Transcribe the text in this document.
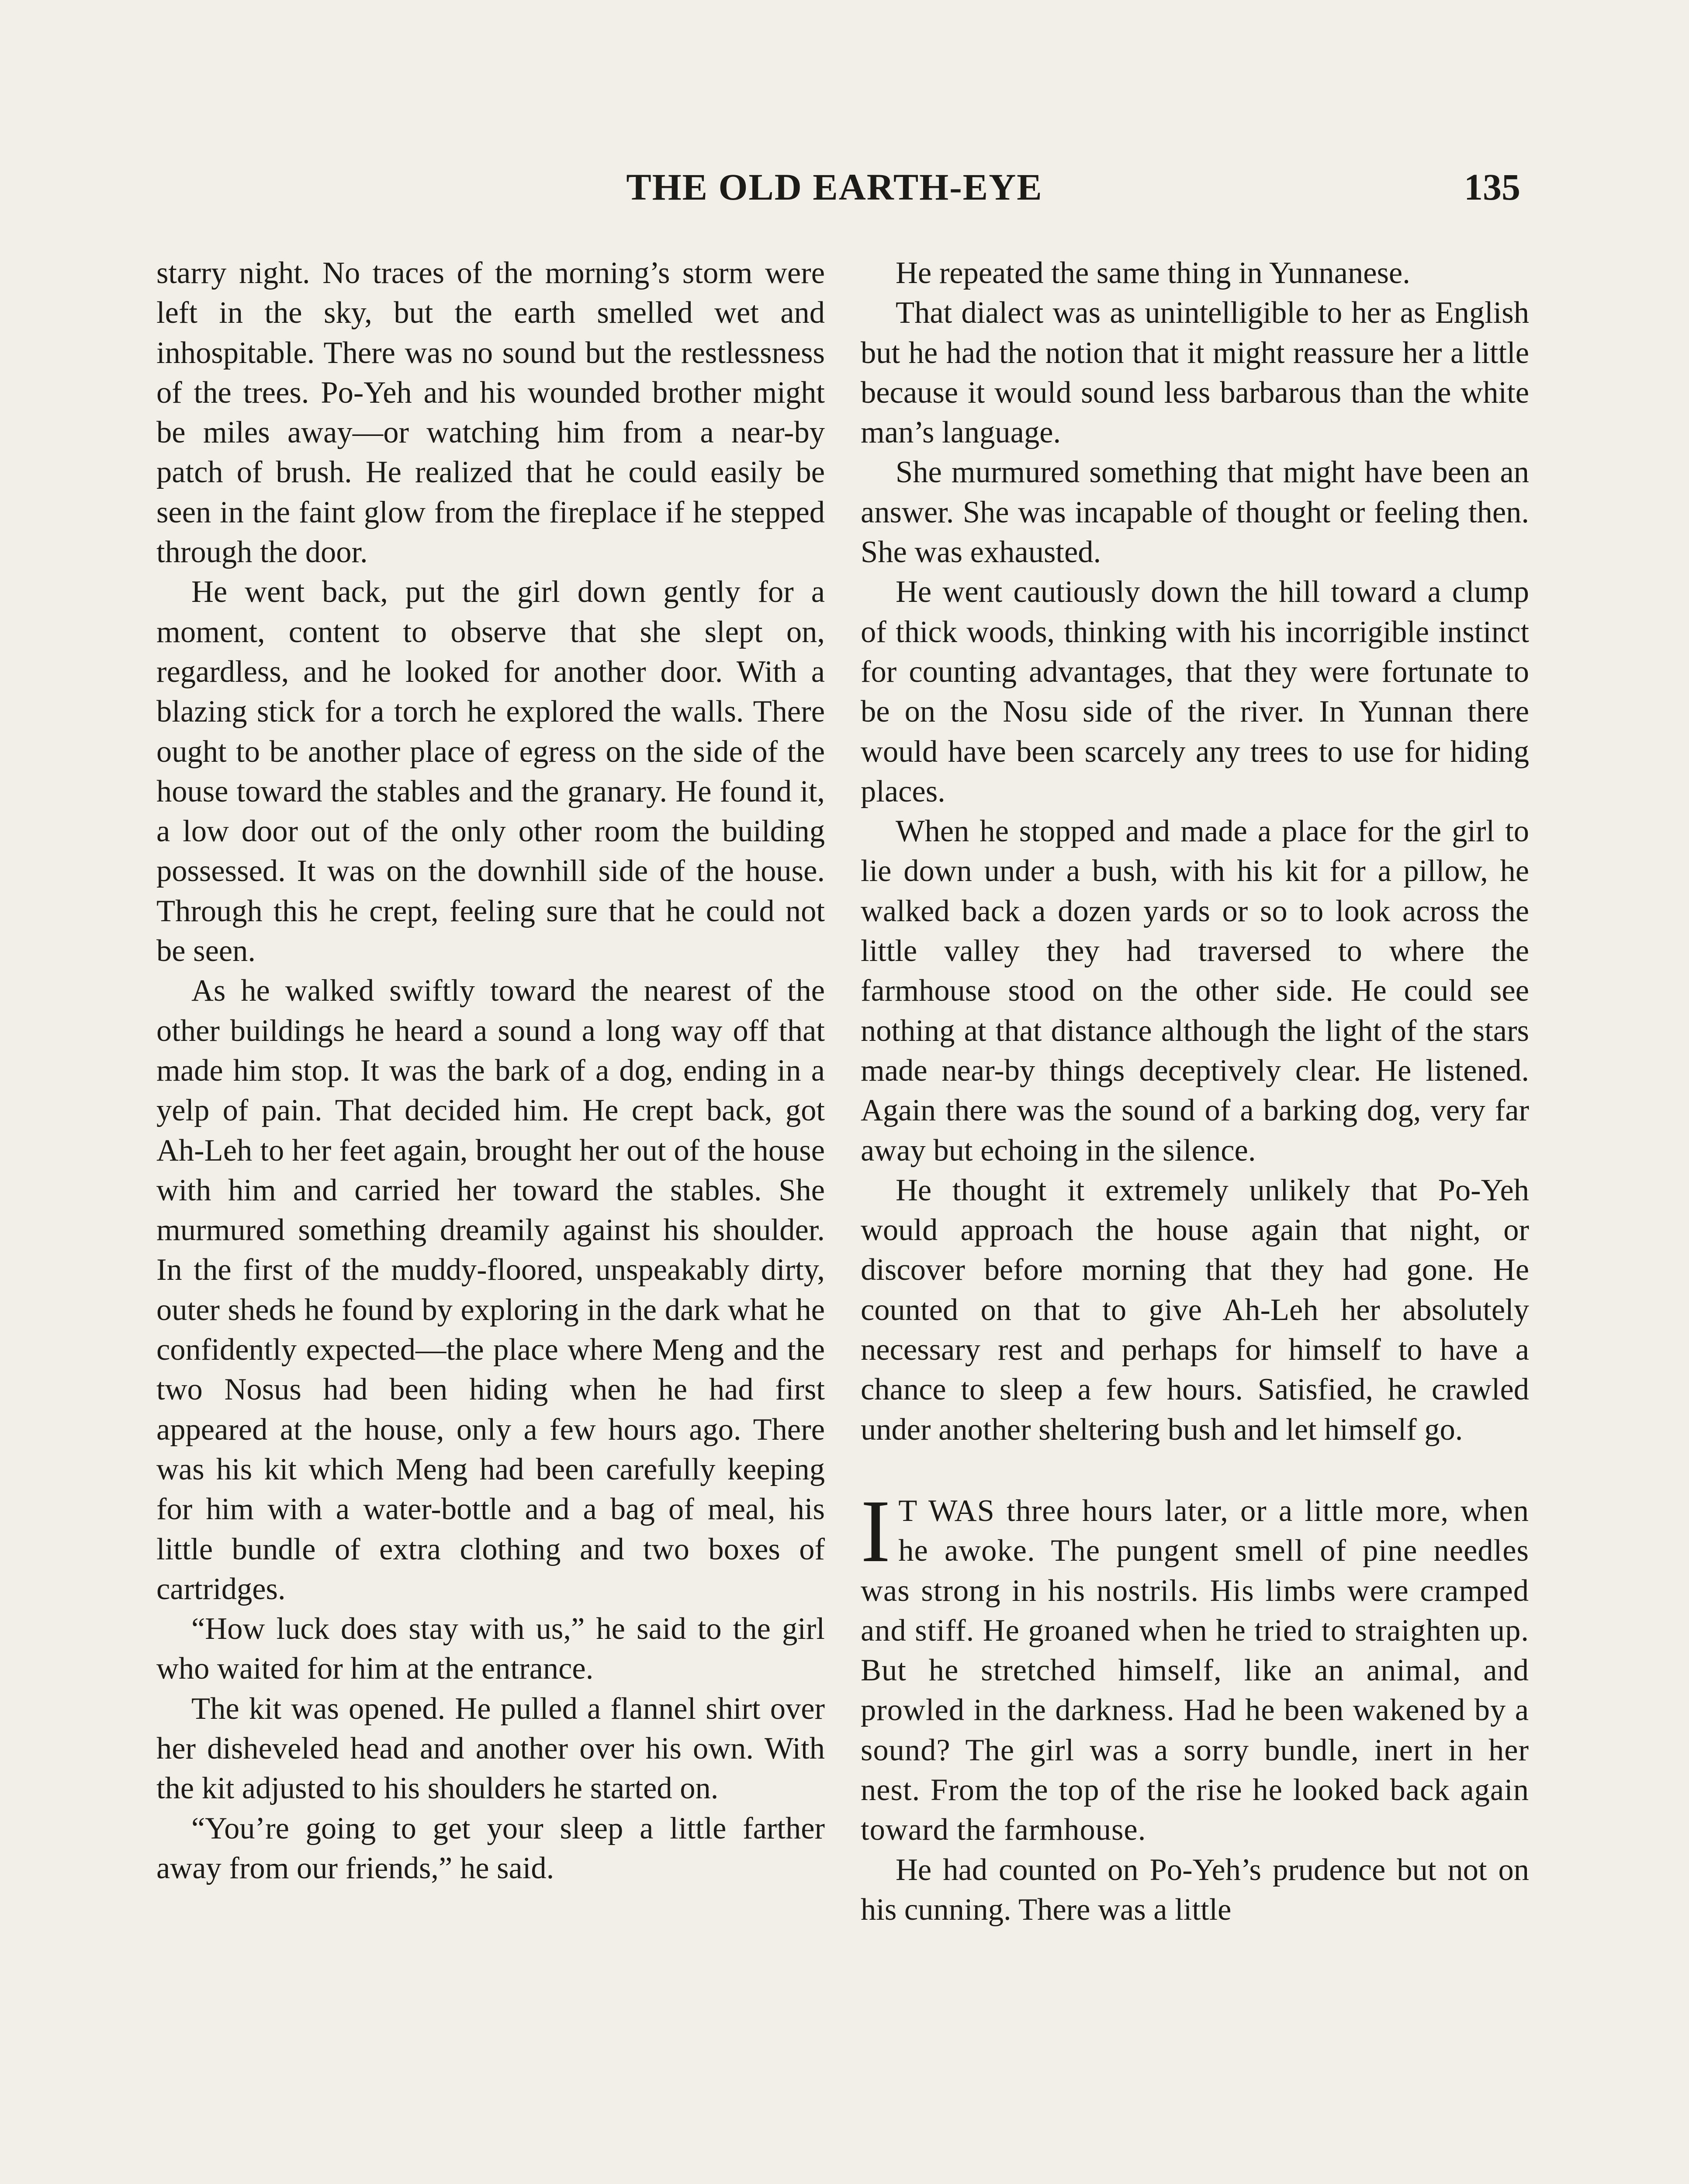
THE OLD EARTH-EYE	135

starry night. No traces of the morning’s storm were left in the sky, but the earth smelled wet and inhospitable. There was no sound but the restlessness of the trees. Po-Yeh and his wounded brother might be miles away—or watching him from a near-by patch of brush. He realized that he could easily be seen in the faint glow from the fireplace if he stepped through the door.

He went back, put the girl down gently for a moment, content to observe that she slept on, regardless, and he looked for another door. With a blazing stick for a torch he explored the walls. There ought to be another place of egress on the side of the house toward the stables and the granary. He found it, a low door out of the only other room the building possessed. It was on the downhill side of the house. Through this he crept, feeling sure that he could not be seen.

As he walked swiftly toward the nearest of the other buildings he heard a sound a long way off that made him stop. It was the bark of a dog, ending in a yelp of pain. That decided him. He crept back, got Ah-Leh to her feet again, brought her out of the house with him and carried her toward the stables. She murmured something dreamily against his shoulder. In the first of the muddy-floored, unspeakably dirty, outer sheds he found by exploring in the dark what he confidently expected—the place where Meng and the two Nosus had been hiding when he had first appeared at the house, only a few hours ago. There was his kit which Meng had been carefully keeping for him with a water-bottle and a bag of meal, his little bundle of extra clothing and two boxes of cartridges.

“How luck does stay with us,” he said to the girl who waited for him at the entrance.

The kit was opened. He pulled a flannel shirt over her disheveled head and another over his own. With the kit adjusted to his shoulders he started on.

“You’re going to get your sleep a little farther away from our friends,” he said.

He repeated the same thing in Yunnanese.

That dialect was as unintelligible to her as English but he had the notion that it might reassure her a little because it would sound less barbarous than the white man’s language.

She murmured something that might have been an answer. She was incapable of thought or feeling then. She was exhausted.

He went cautiously down the hill toward a clump of thick woods, thinking with his incorrigible instinct for counting advantages, that they were fortunate to be on the Nosu side of the river. In Yunnan there would have been scarcely any trees to use for hiding places.

When he stopped and made a place for the girl to lie down under a bush, with his kit for a pillow, he walked back a dozen yards or so to look across the little valley they had traversed to where the farmhouse stood on the other side. He could see nothing at that distance although the light of the stars made near-by things deceptively clear. He listened. Again there was the sound of a barking dog, very far away but echoing in the silence.

He thought it extremely unlikely that Po-Yeh would approach the house again that night, or discover before morning that they had gone. He counted on that to give Ah-Leh her absolutely necessary rest and perhaps for himself to have a chance to sleep a few hours. Satisfied, he crawled under another sheltering bush and let himself go.

I T WAS three hours later, or a little more, when he awoke. The pungent smell of pine needles was strong in his nostrils. His limbs were cramped and stiff. He groaned when he tried to straighten up. But he stretched himself, like an animal, and prowled in the darkness. Had he been wakened by a sound? The girl was a sorry bundle, inert in her nest. From the top of the rise he looked back again toward the farmhouse.

He had counted on Po-Yeh’s prudence but not on his cunning. There was a little
